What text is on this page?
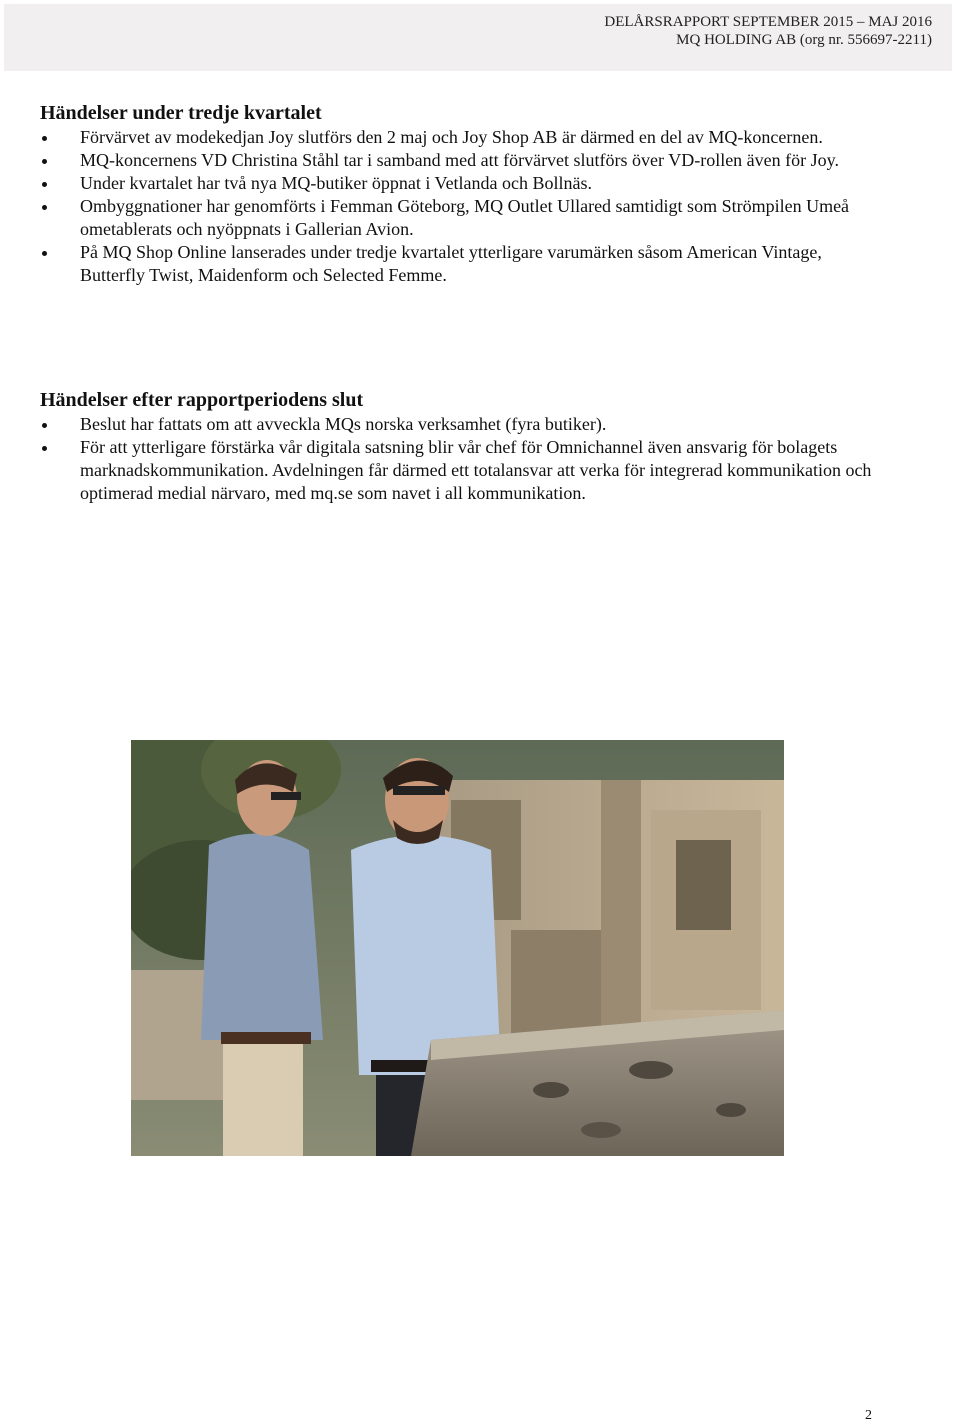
DELÅRSRAPPORT SEPTEMBER 2015 – MAJ 2016
MQ HOLDING AB (org nr. 556697-2211)
Händelser under tredje kvartalet
Förvärvet av modekedjan Joy slutförs den 2 maj och Joy Shop AB är därmed en del av MQ-koncernen.
MQ-koncernens VD Christina Ståhl tar i samband med att förvärvet slutförs över VD-rollen även för Joy.
Under kvartalet har två nya MQ-butiker öppnat i Vetlanda och Bollnäs.
Ombyggnationer har genomförts i Femman Göteborg, MQ Outlet Ullared samtidigt som Strömpilen Umeå ometablerats och nyöppnats i Gallerian Avion.
På MQ Shop Online lanserades under tredje kvartalet ytterligare varumärken såsom American Vintage, Butterfly Twist, Maidenform och Selected Femme.
Händelser efter rapportperiodens slut
Beslut har fattats om att avveckla MQs norska verksamhet (fyra butiker).
För att ytterligare förstärka vår digitala satsning blir vår chef för Omnichannel även ansvarig för bolagets marknadskommunikation. Avdelningen får därmed ett totalansvar att verka för integrerad kommunikation och optimerad medial närvaro, med mq.se som navet i all kommunikation.
2
